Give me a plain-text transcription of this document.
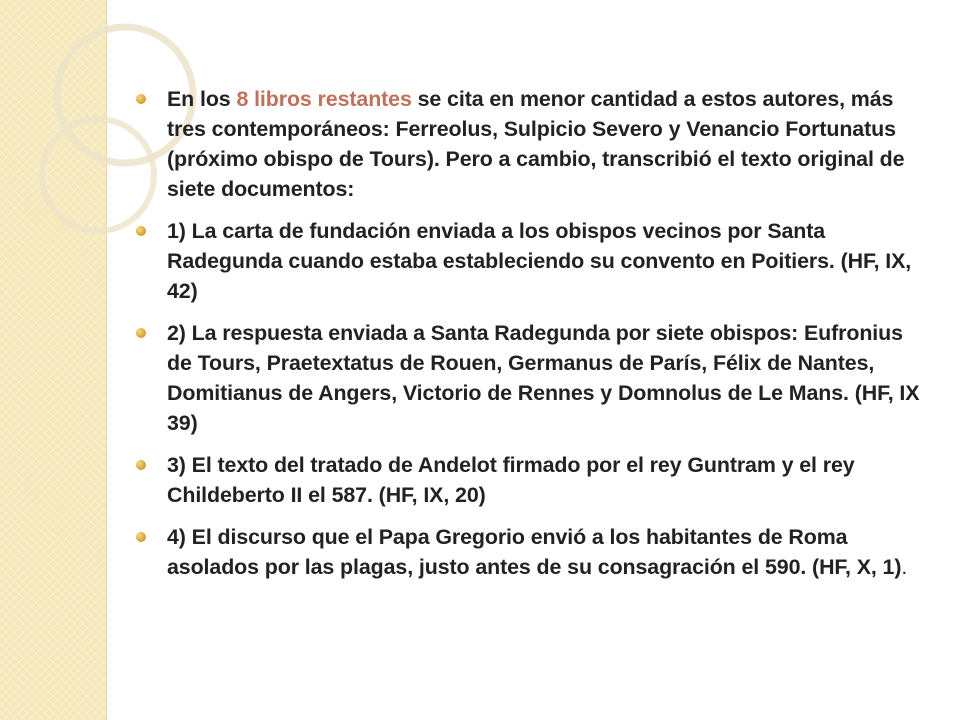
En los 8 libros restantes se cita en menor cantidad a estos autores, más tres contemporáneos: Ferreolus, Sulpicio Severo y Venancio Fortunatus (próximo obispo de Tours). Pero a cambio, transcribió el texto original de siete documentos:
1) La carta de fundación enviada a los obispos vecinos por Santa Radegunda cuando estaba estableciendo su convento en Poitiers. (HF, IX, 42)
2) La respuesta enviada a Santa Radegunda por siete obispos: Eufronius de Tours, Praetextatus de Rouen, Germanus de París, Félix de Nantes, Domitianus de Angers, Victorio de Rennes y Domnolus de Le Mans. (HF, IX 39)
3) El texto del tratado de Andelot firmado por el rey Guntram y el rey Childeberto II el 587. (HF, IX, 20)
4) El discurso que el Papa Gregorio envió a los habitantes de Roma asolados por las plagas, justo antes de su consagración el 590. (HF, X, 1).
